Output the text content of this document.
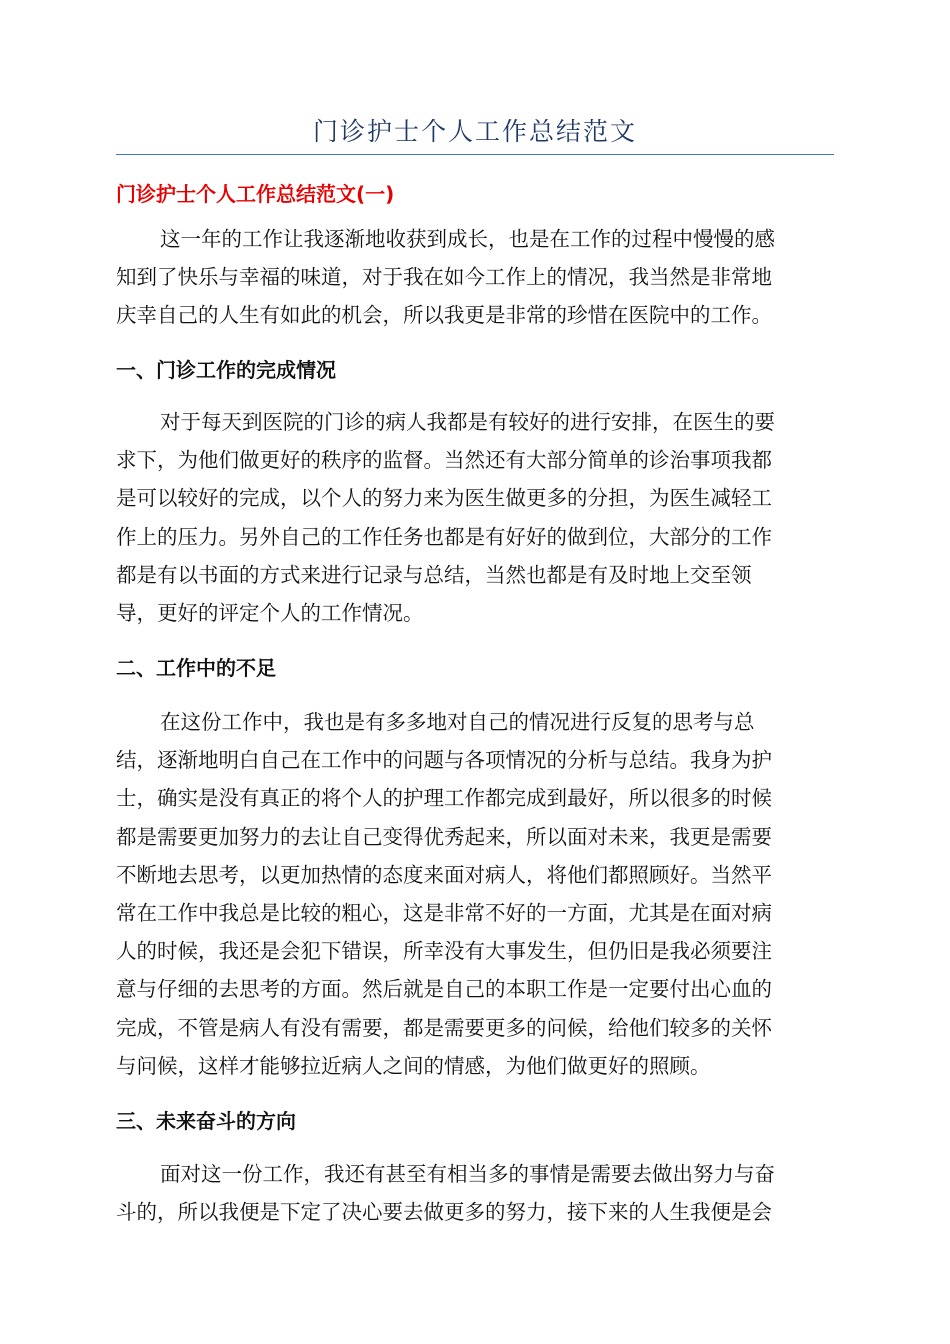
门诊护士个人工作总结范文
门诊护士个人工作总结范文(一)
这一年的工作让我逐渐地收获到成长，也是在工作的过程中慢慢的感
知到了快乐与幸福的味道，对于我在如今工作上的情况，我当然是非常地
庆幸自己的人生有如此的机会，所以我更是非常的珍惜在医院中的工作。
一、门诊工作的完成情况
对于每天到医院的门诊的病人我都是有较好的进行安排，在医生的要
求下，为他们做更好的秩序的监督。当然还有大部分简单的诊治事项我都
是可以较好的完成，以个人的努力来为医生做更多的分担，为医生减轻工
作上的压力。另外自己的工作任务也都是有好好的做到位，大部分的工作
都是有以书面的方式来进行记录与总结，当然也都是有及时地上交至领
导，更好的评定个人的工作情况。
二、工作中的不足
在这份工作中，我也是有多多地对自己的情况进行反复的思考与总
结，逐渐地明白自己在工作中的问题与各项情况的分析与总结。我身为护
士，确实是没有真正的将个人的护理工作都完成到最好，所以很多的时候
都是需要更加努力的去让自己变得优秀起来，所以面对未来，我更是需要
不断地去思考，以更加热情的态度来面对病人，将他们都照顾好。当然平
常在工作中我总是比较的粗心，这是非常不好的一方面，尤其是在面对病
人的时候，我还是会犯下错误，所幸没有大事发生，但仍旧是我必须要注
意与仔细的去思考的方面。然后就是自己的本职工作是一定要付出心血的
完成，不管是病人有没有需要，都是需要更多的问候，给他们较多的关怀
与问候，这样才能够拉近病人之间的情感，为他们做更好的照顾。
三、未来奋斗的方向
面对这一份工作，我还有甚至有相当多的事情是需要去做出努力与奋
斗的，所以我便是下定了决心要去做更多的努力，接下来的人生我便是会
